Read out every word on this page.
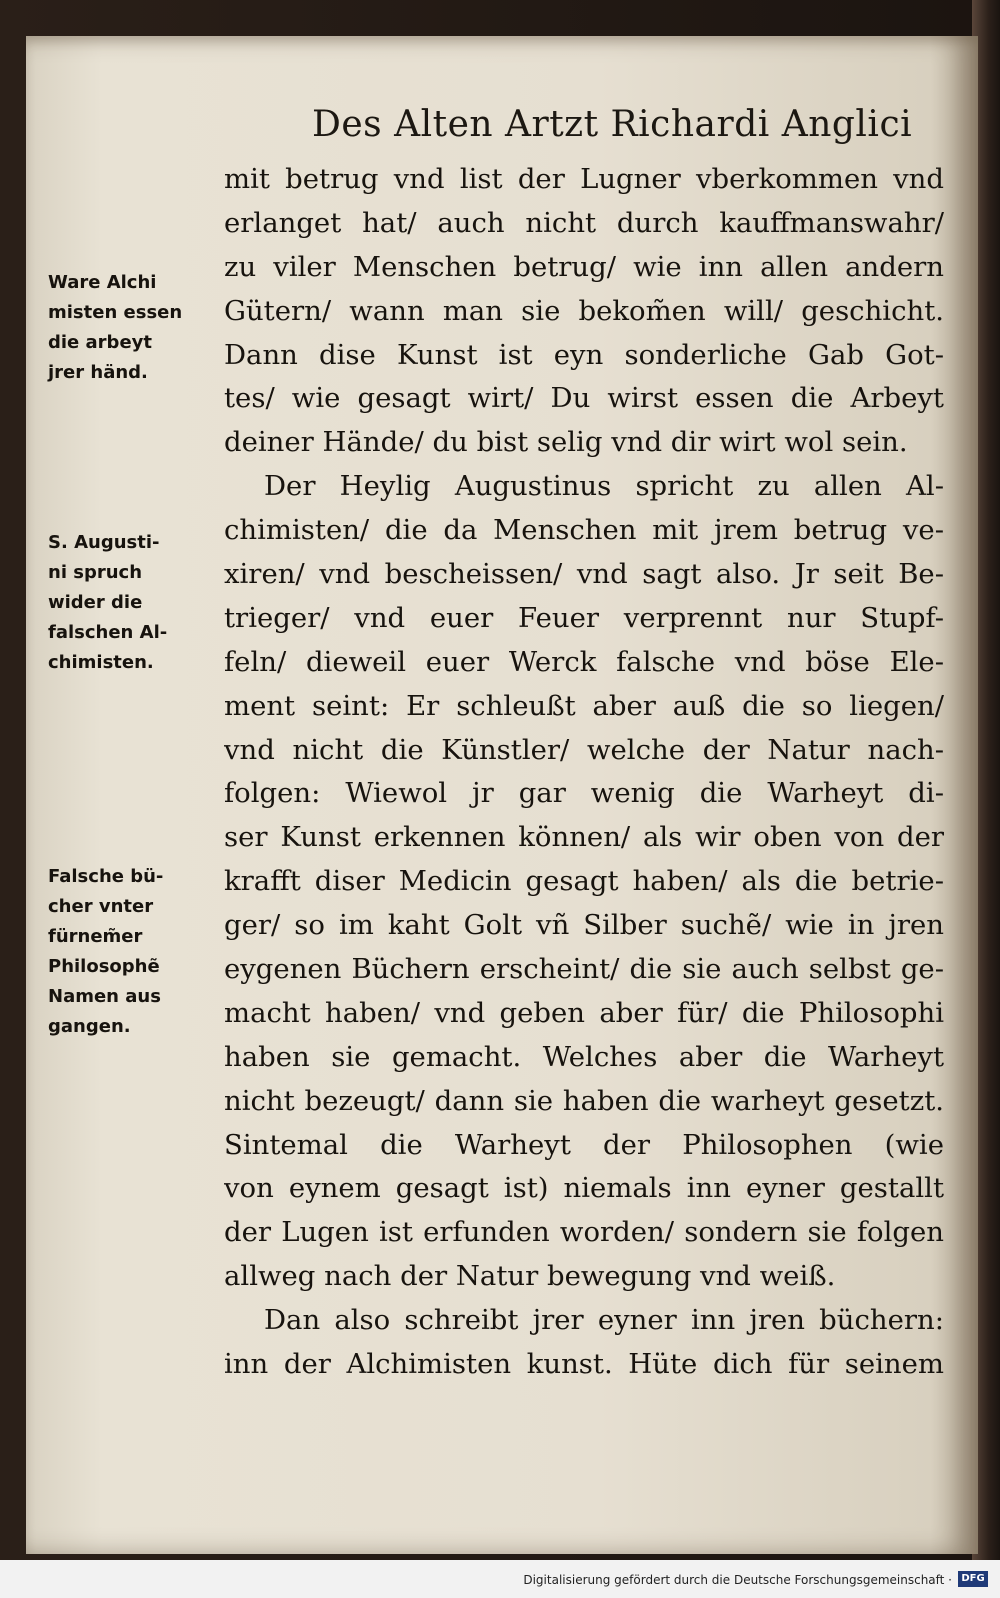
Des Alten Artzt Richardi Anglici
mit betrug vnd list der Lugner vberkommen vnd
erlanget hat/ auch nicht durch kauffmanswahr/
zu viler Menschen betrug/ wie inn allen andern
Gütern/ wann man sie bekom̃en will/ geschicht.
Dann dise Kunst ist eyn sonderliche Gab Got-
tes/ wie gesagt wirt/ Du wirst essen die Arbeyt
deiner Hände/ du bist selig vnd dir wirt wol sein.
Der Heylig Augustinus spricht zu allen Al-
chimisten/ die da Menschen mit jrem betrug ve-
xiren/ vnd bescheissen/ vnd sagt also. Jr seit Be-
trieger/ vnd euer Feuer verprennt nur Stupf-
feln/ dieweil euer Werck falsche vnd böse Ele-
ment seint: Er schleußt aber auß die so liegen/
vnd nicht die Künstler/ welche der Natur nach-
folgen: Wiewol jr gar wenig die Warheyt di-
ser Kunst erkennen können/ als wir oben von der
krafft diser Medicin gesagt haben/ als die betrie-
ger/ so im kaht Golt vñ Silber suchẽ/ wie in jren
eygenen Büchern erscheint/ die sie auch selbst ge-
macht haben/ vnd geben aber für/ die Philosophi
haben sie gemacht. Welches aber die Warheyt
nicht bezeugt/ dann sie haben die warheyt gesetzt.
Sintemal die Warheyt der Philosophen (wie
von eynem gesagt ist) niemals inn eyner gestallt
der Lugen ist erfunden worden/ sondern sie folgen
allweg nach der Natur bewegung vnd weiß.
Dan also schreibt jrer eyner inn jren büchern:
inn der Alchimisten kunst. Hüte dich für seinem
Ware Alchi
misten essen
die arbeyt
jrer händ.
S. Augusti-
ni spruch
wider die
falschen Al-
chimisten.
Falsche bü-
cher vnter
fürnem̃er
Philosophẽ
Namen aus
gangen.
Digitalisierung gefördert durch die Deutsche Forschungsgemeinschaft · DFG
